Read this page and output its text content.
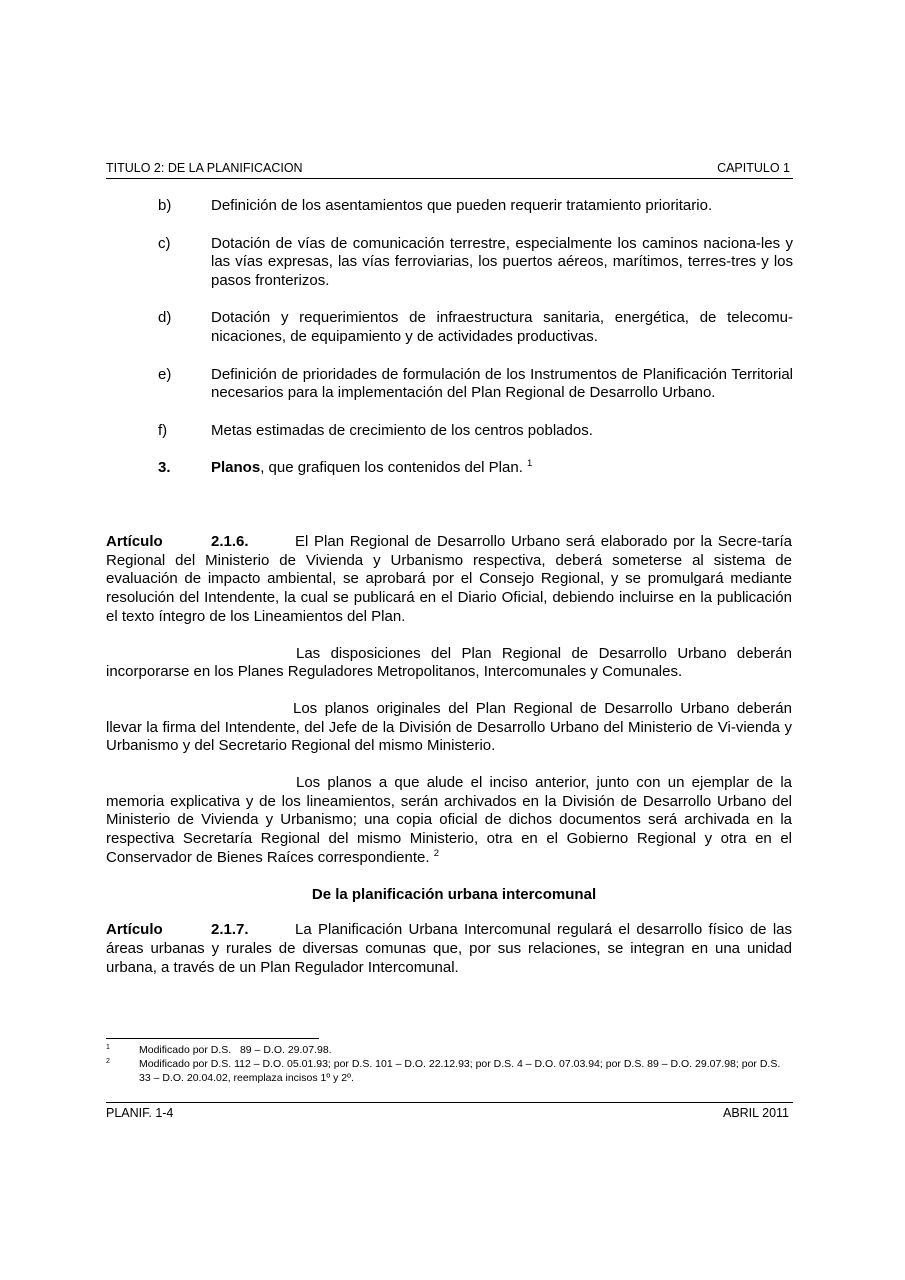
TITULO 2: DE LA PLANIFICACION	CAPITULO 1
b)	Definición de los asentamientos que pueden requerir tratamiento prioritario.
c)	Dotación de vías de comunicación terrestre, especialmente los caminos naciona-les y las vías expresas, las vías ferroviarias, los puertos aéreos, marítimos, terres-tres y los pasos fronterizos.
d)	Dotación y requerimientos de infraestructura sanitaria, energética, de telecomu-nicaciones, de equipamiento y de actividades productivas.
e)	Definición de prioridades de formulación de los Instrumentos de Planificación Territorial necesarios para la implementación del Plan Regional de Desarrollo Urbano.
f)	Metas estimadas de crecimiento de los centros poblados.
3.	Planos, que grafiquen los contenidos del Plan. $^1$

Artículo	2.1.6.	El Plan Regional de Desarrollo Urbano será elaborado por la Secre-taría Regional del Ministerio de Vivienda y Urbanismo respectiva, deberá someterse al sistema de evaluación de impacto ambiental, se aprobará por el Consejo Regional, y se promulgará mediante resolución del Intendente, la cual se publicará en el Diario Oficial, debiendo incluirse en la publicación el texto íntegro de los Lineamientos del Plan.

Las disposiciones del Plan Regional de Desarrollo Urbano deberán incorporarse en los Planes Reguladores Metropolitanos, Intercomunales y Comunales.

Los planos originales del Plan Regional de Desarrollo Urbano deberán llevar la firma del Intendente, del Jefe de la División de Desarrollo Urbano del Ministerio de Vi-vienda y Urbanismo y del Secretario Regional del mismo Ministerio.

Los planos a que alude el inciso anterior, junto con un ejemplar de la memoria explicativa y de los lineamientos, serán archivados en la División de Desarrollo Urbano del Ministerio de Vivienda y Urbanismo; una copia oficial de dichos documentos será archivada en la respectiva Secretaría Regional del mismo Ministerio, otra en el Gobierno Regional y otra en el Conservador de Bienes Raíces correspondiente. $^2$

De la planificación urbana intercomunal

Artículo	2.1.7.	La Planificación Urbana Intercomunal regulará el desarrollo físico de las áreas urbanas y rurales de diversas comunas que, por sus relaciones, se integran en una unidad urbana, a través de un Plan Regulador Intercomunal.

1	Modificado por D.S.   89 – D.O. 29.07.98.
2	Modificado por D.S. 112 – D.O. 05.01.93; por D.S. 101 – D.O. 22.12.93; por D.S. 4 – D.O. 07.03.94; por D.S. 89 – D.O. 29.07.98; por D.S. 33 – D.O. 20.04.02, reemplaza incisos 1º y 2º.
PLANIF. 1-4	ABRIL 2011
